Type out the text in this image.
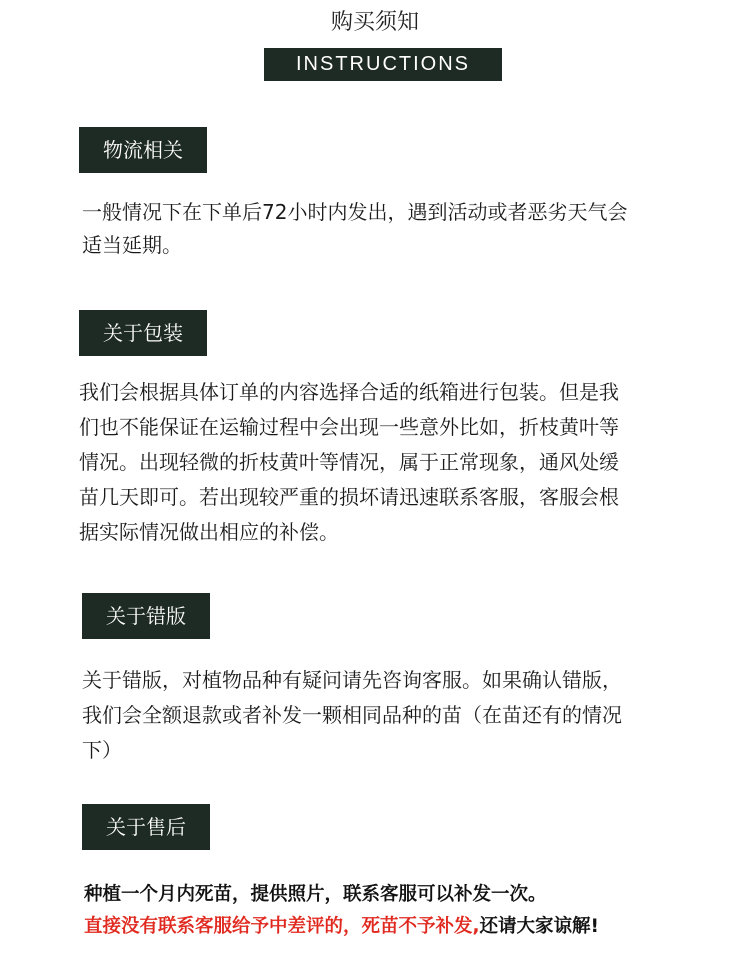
购买须知
INSTRUCTIONS
物流相关
一般情况下在下单后72小时内发出，遇到活动或者恶劣天气会
适当延期。
关于包装
我们会根据具体订单的内容选择合适的纸箱进行包装。但是我
们也不能保证在运输过程中会出现一些意外比如，折枝黄叶等
情况。出现轻微的折枝黄叶等情况，属于正常现象，通风处缓
苗几天即可。若出现较严重的损坏请迅速联系客服，客服会根
据实际情况做出相应的补偿。
关于错版
关于错版，对植物品种有疑问请先咨询客服。如果确认错版，
我们会全额退款或者补发一颗相同品种的苗（在苗还有的情况
下）
关于售后
种植一个月内死苗，提供照片，联系客服可以补发一次。
直接没有联系客服给予中差评的，死苗不予补发,还请大家谅解!
